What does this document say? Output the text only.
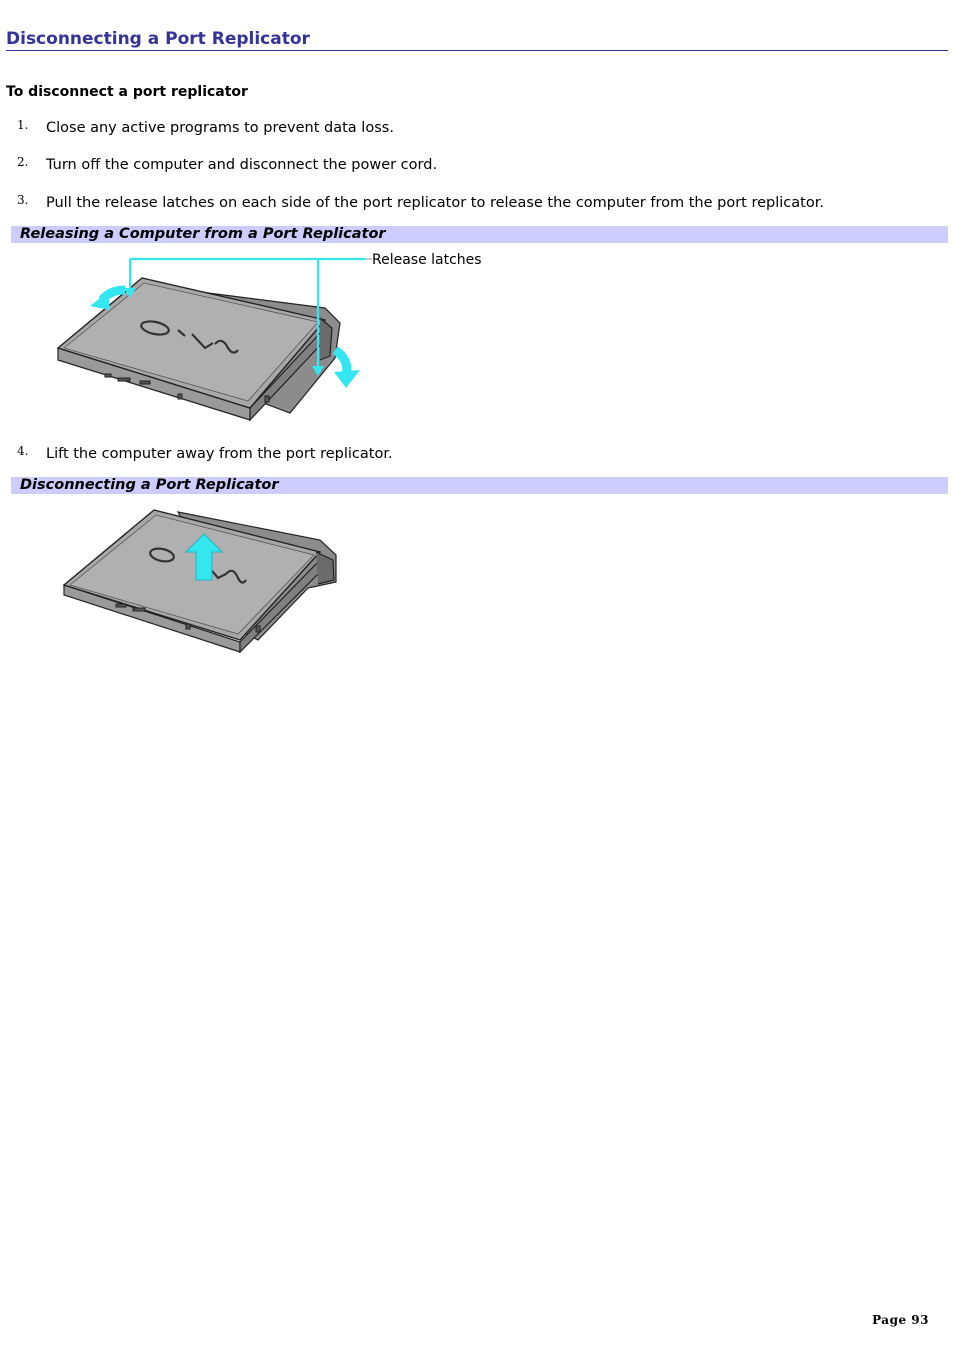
Disconnecting a Port Replicator
To disconnect a port replicator
1. Close any active programs to prevent data loss.
2. Turn off the computer and disconnect the power cord.
3. Pull the release latches on each side of the port replicator to release the computer from the port replicator.
Releasing a Computer from a Port Replicator
Release latches
4. Lift the computer away from the port replicator.
Disconnecting a Port Replicator
Page 93
